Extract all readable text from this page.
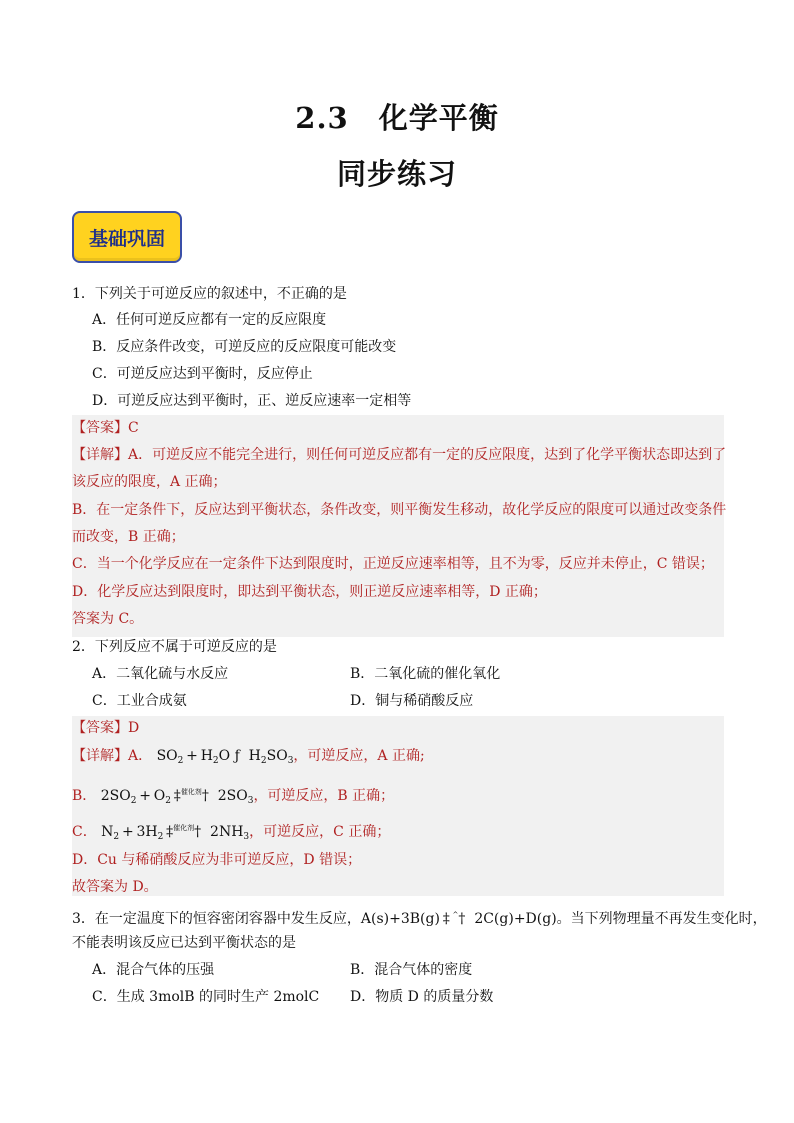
2.3　化学平衡
同步练习
基础巩固
1．下列关于可逆反应的叙述中，不正确的是
A．任何可逆反应都有一定的反应限度
B．反应条件改变，可逆反应的反应限度可能改变
C．可逆反应达到平衡时，反应停止
D．可逆反应达到平衡时，正、逆反应速率一定相等
【答案】C
【详解】A．可逆反应不能完全进行，则任何可逆反应都有一定的反应限度，达到了化学平衡状态即达到了
该反应的限度，A 正确；
B．在一定条件下，反应达到平衡状态，条件改变，则平衡发生移动，故化学反应的限度可以通过改变条件
而改变，B 正确；
C．当一个化学反应在一定条件下达到限度时，正逆反应速率相等，且不为零，反应并未停止，C 错误；
D．化学反应达到限度时，即达到平衡状态，则正逆反应速率相等，D 正确；
答案为 C。
2．下列反应不属于可逆反应的是
A．二氧化硫与水反应	B．二氧化硫的催化氧化
C．工业合成氨	D．铜与稀硝酸反应
【答案】D
【详解】A． $SO_2 + H_2O$ ƒ  $H_2SO_3$，可逆反应，A 正确;
B． $2SO_2 + O_2$ ‡$^{催化剂}$†  $2SO_3$，可逆反应，B 正确；
C． $N_2 + 3H_2$ ‡$^{催化剂}$†  $2NH_3$，可逆反应，C 正确；
D．Cu 与稀硝酸反应为非可逆反应，D 错误；
故答案为 D。
3．在一定温度下的恒容密闭容器中发生反应，A(s)+3B(g) ‡ ^†  2C(g)+D(g)。当下列物理量不再发生变化时，
不能表明该反应已达到平衡状态的是
A．混合气体的压强	B．混合气体的密度
C．生成 3molB 的同时生产 2molC D．物质 D 的质量分数
